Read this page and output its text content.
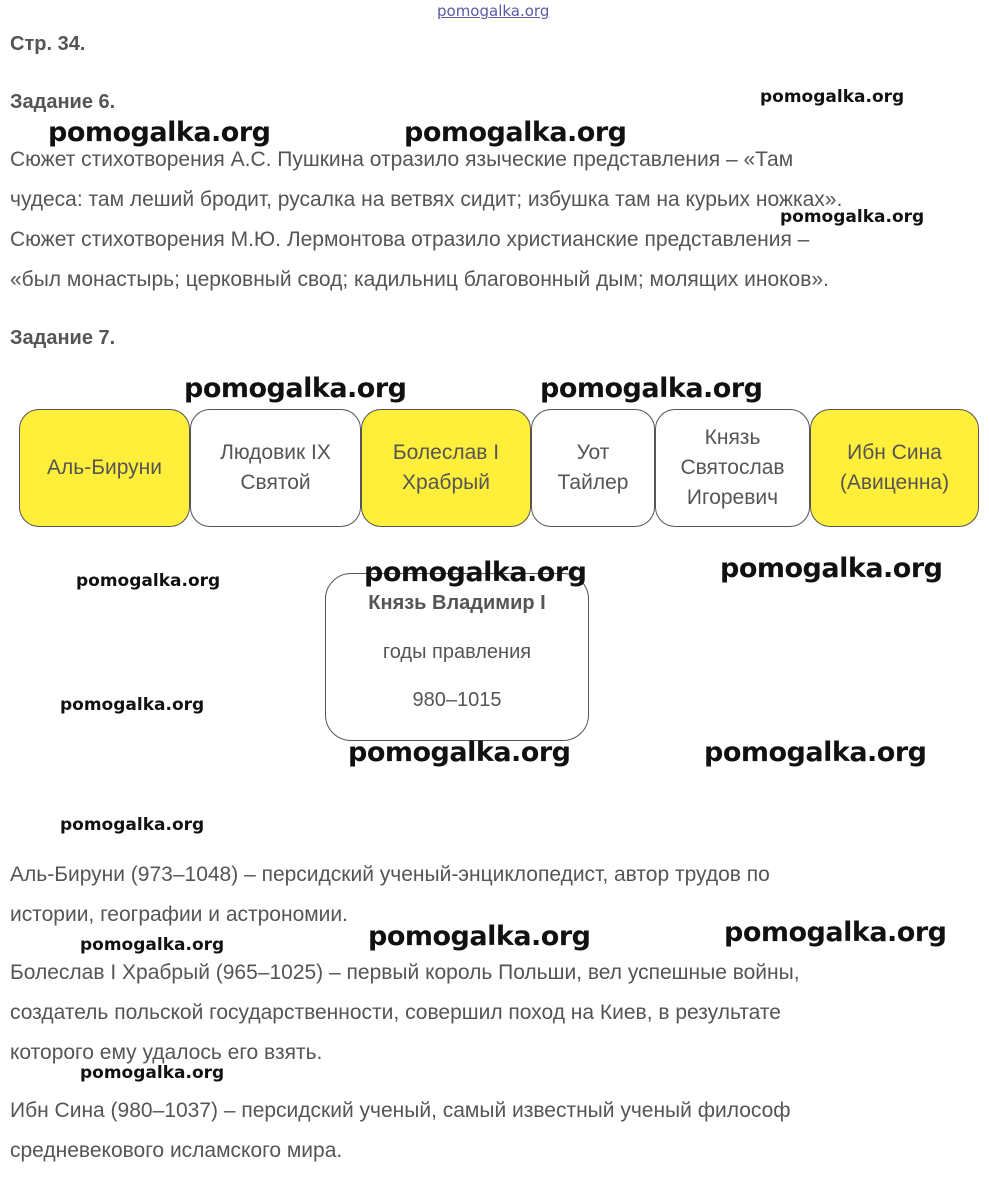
pomogalka.org
Стр. 34.
Задание 6.
Сюжет стихотворения А.С. Пушкина отразило языческие представления – «Там
чудеса: там леший бродит, русалка на ветвях сидит; избушка там на курьих ножках».
Сюжет стихотворения М.Ю. Лермонтова отразило христианские представления –
«был монастырь; церковный свод; кадильниц благовонный дым; молящих иноков».
Задание 7.
Аль-Бируни
Людовик IX
Святой
Болеслав I
Храбрый
Уот
Тайлер
Князь
Святослав
Игоревич
Ибн Сина
(Авиценна)
Князь Владимир I
годы правления
980–1015
Аль-Бируни (973–1048) – персидский ученый-энциклопедист, автор трудов по
истории, географии и астрономии.
Болеслав I Храбрый (965–1025) – первый король Польши, вел успешные войны,
создатель польской государственности, совершил поход на Киев, в результате
которого ему удалось его взять.
Ибн Сина (980–1037) – персидский ученый, самый известный ученый философ
средневекового исламского мира.
pomogalka.org
pomogalka.org	pomogalka.org
pomogalka.org
pomogalka.org	pomogalka.org
pomogalka.org	pomogalka.org	pomogalka.org
pomogalka.org
pomogalka.org	pomogalka.org
pomogalka.org
pomogalka.org	pomogalka.org	pomogalka.org
pomogalka.org
